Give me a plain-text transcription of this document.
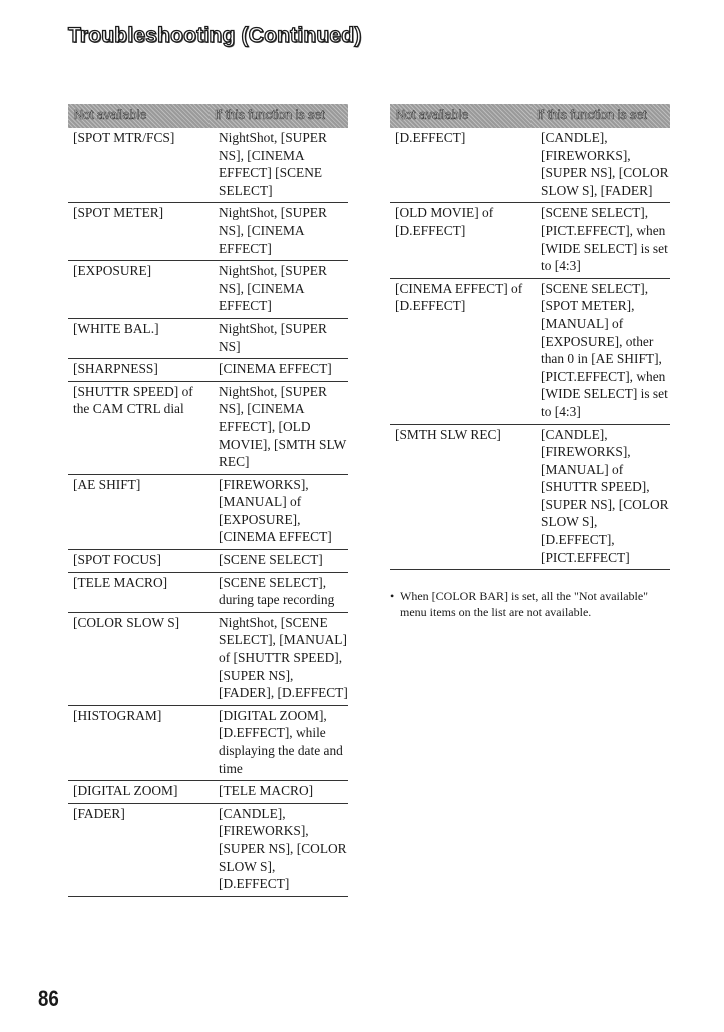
Troubleshooting (Continued)
Not available	If this function is set
[SPOT MTR/FCS]	NightShot, [SUPER NS], [CINEMA EFFECT] [SCENE SELECT]
[SPOT METER]	NightShot, [SUPER NS], [CINEMA EFFECT]
[EXPOSURE]	NightShot, [SUPER NS], [CINEMA EFFECT]
[WHITE BAL.]	NightShot, [SUPER NS]
[SHARPNESS]	[CINEMA EFFECT]
[SHUTTR SPEED] of the CAM CTRL dial	NightShot, [SUPER NS], [CINEMA EFFECT], [OLD MOVIE], [SMTH SLW REC]
[AE SHIFT]	[FIREWORKS], [MANUAL] of [EXPOSURE], [CINEMA EFFECT]
[SPOT FOCUS]	[SCENE SELECT]
[TELE MACRO]	[SCENE SELECT], during tape recording
[COLOR SLOW S]	NightShot, [SCENE SELECT], [MANUAL] of [SHUTTR SPEED], [SUPER NS], [FADER], [D.EFFECT]
[HISTOGRAM]	[DIGITAL ZOOM], [D.EFFECT], while displaying the date and time
[DIGITAL ZOOM]	[TELE MACRO]
[FADER]	[CANDLE], [FIREWORKS], [SUPER NS], [COLOR SLOW S], [D.EFFECT]
Not available	If this function is set
[D.EFFECT]	[CANDLE], [FIREWORKS], [SUPER NS], [COLOR SLOW S], [FADER]
[OLD MOVIE] of [D.EFFECT]	[SCENE SELECT], [PICT.EFFECT], when [WIDE SELECT] is set to [4:3]
[CINEMA EFFECT] of [D.EFFECT]	[SCENE SELECT], [SPOT METER], [MANUAL] of [EXPOSURE], other than 0 in [AE SHIFT], [PICT.EFFECT], when [WIDE SELECT] is set to [4:3]
[SMTH SLW REC]	[CANDLE], [FIREWORKS], [MANUAL] of [SHUTTR SPEED], [SUPER NS], [COLOR SLOW S], [D.EFFECT], [PICT.EFFECT]
• When [COLOR BAR] is set, all the "Not available" menu items on the list are not available.
86
